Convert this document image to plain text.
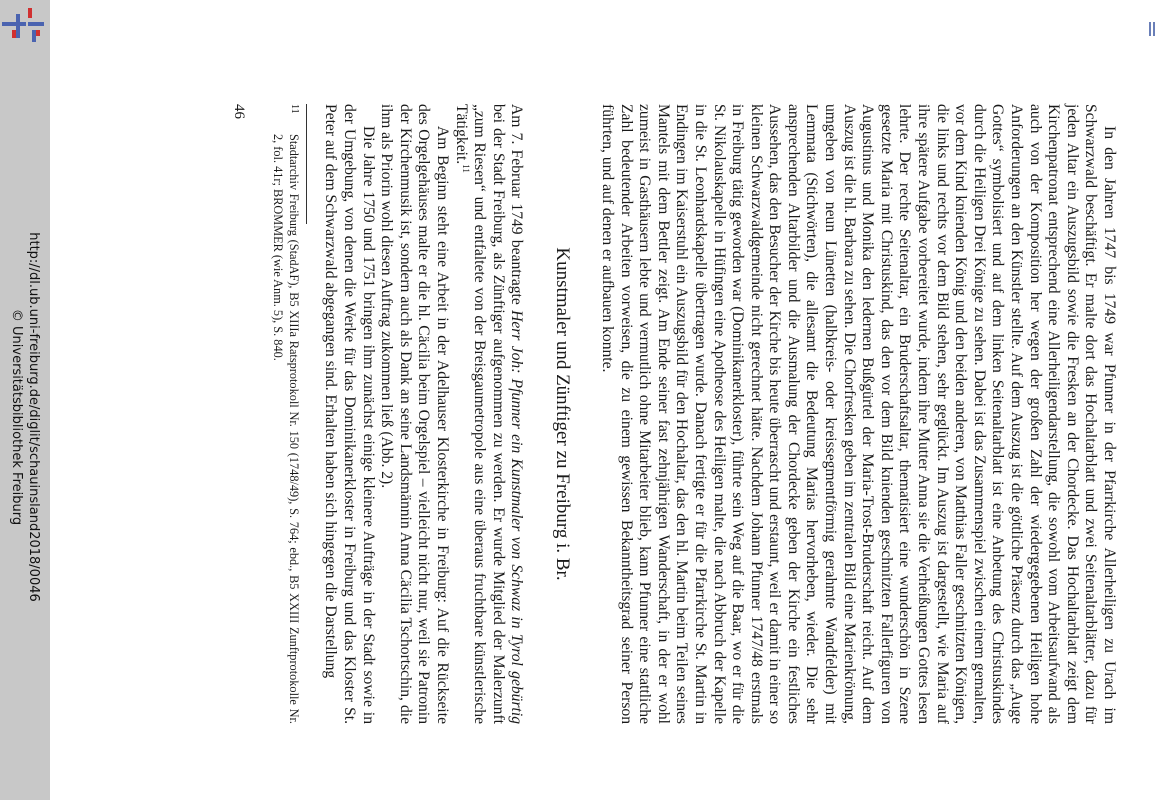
http://dl.ub.uni-freiburg.de/diglit/schauinsland2018/0046
© Universitätsbibliothek Freiburg	In den Jahren 1747 bis 1749 war Pfunner in der Pfarrkirche Allerheiligen zu Urach im Schwarzwald beschäftigt. Er malte dort das Hochaltarblatt und zwei Seitenaltarblätter, dazu für jeden Altar ein Auszugsbild sowie die Fresken an der Chordecke. Das Hochaltarblatt zeigt dem Kirchenpatronat entsprechend eine Allerheiligendarstellung, die sowohl vom Arbeitsaufwand als auch von der Komposition her wegen der großen Zahl der wiedergegebenen Heiligen hohe Anforderungen an den Künstler stellte. Auf dem Auszug ist die göttliche Präsenz durch das „Auge Gottes“ symbolisiert und auf dem linken Seitenaltarblatt ist eine Anbetung des Christuskindes durch die Heiligen Drei Könige zu sehen. Dabei ist das Zusammenspiel zwischen einem gemalten, vor dem Kind knienden König und den beiden anderen, von Matthias Faller geschnitzten Königen, die links und rechts vor dem Bild stehen, sehr geglückt. Im Auszug ist dargestellt, wie Maria auf ihre spätere Aufgabe vorbereitet wurde, indem ihre Mutter Anna sie die Verheißungen Gottes lesen lehrte. Der rechte Seitenaltar, ein Bruderschaftsaltar, thematisiert eine wunderschön in Szene gesetzte Maria mit Christuskind, das den vor dem Bild knienden geschnitzten Fallerfiguren von Augustinus und Monika den ledernen Bußgürtel der Maria-Trost-Bruderschaft reicht. Auf dem Auszug ist die hl. Barbara zu sehen. Die Chorfresken geben im zentralen Bild eine Marienkrönung, umgeben von neun Lünetten (halbkreis- oder kreissegmentförmig gerahmte Wandfelder) mit Lemmata (Stichwörten), die allesamt die Bedeutung Marias hervorheben, wieder. Die sehr ansprechenden Altarbilder und die Ausmalung der Chordecke geben der Kirche ein festliches Aussehen, das den Besucher der Kirche bis heute überrascht und erstaunt, weil er damit in einer so kleinen Schwarzwaldgemeinde nicht gerechnet hätte. Nachdem Johann Pfunner 1747/48 erstmals in Freiburg tätig geworden war (Dominikanerkloster), führte sein Weg auf die Baar, wo er für die St. Nikolauskapelle in Hüfingen eine Apotheose des Heiligen malte, die nach Abbruch der Kapelle in die St. Leonhardskapelle übertragen wurde. Danach fertigte er für die Pfarrkirche St. Martin in Endingen im Kaiserstuhl ein Auszugsbild für den Hochaltar, das den hl. Martin beim Teilen seines Mantels mit dem Bettler zeigt. Am Ende seiner fast zehnjährigen Wanderschaft, in der er wohl zumeist in Gasthäusern lebte und vermutlich ohne Mitarbeiter blieb, kann Pfunner eine stattliche Zahl bedeutender Arbeiten vorweisen, die zu einem gewissen Bekanntheitsgrad seiner Person führten, und auf denen er aufbauen konnte.

Kunstmaler und Zünftiger zu Freiburg i. Br.

Am 7. Februar 1749 beantragte Herr Joh: Pfunner ein Kunstmaler von Schwaz in Tyrol gebürtig bei der Stadt Freiburg, als Zünftiger aufgenommen zu werden. Er wurde Mitglied der Malerzunft „zum Riesen“ und entfaltete von der Breisgaumetropole aus eine überaus fruchtbare künstlerische Tätigkeit.$^{11}$

Am Beginn steht eine Arbeit in der Adelhauser Klosterkirche in Freiburg: Auf die Rückseite des Orgelgehäuses malte er die hl. Cäcilia beim Orgelspiel – vielleicht nicht nur, weil sie Patronin der Kirchenmusik ist, sondern auch als Dank an seine Landsmännin Anna Cäcilia Tschortschin, die ihm als Priorin wohl diesen Auftrag zukommen ließ (Abb. 2).

Die Jahre 1750 und 1751 bringen ihm zunächst einige kleinere Aufträge in der Stadt sowie in der Umgebung, von denen die Werke für das Dominikanerkloster in Freiburg und das Kloster St. Peter auf dem Schwarzwald abgegangen sind. Erhalten haben sich hingegen die Darstellung

11
Stadtarchiv Freiburg (StadAF), B5 XIIIa Ratsprotokoll Nr. 150 (1748/49), S. 764; ebd., B5 XXIII Zunftprotokolle Nr. 2, fol. 41r; BROMMER (wie Anm. 5), S. 840.
46
